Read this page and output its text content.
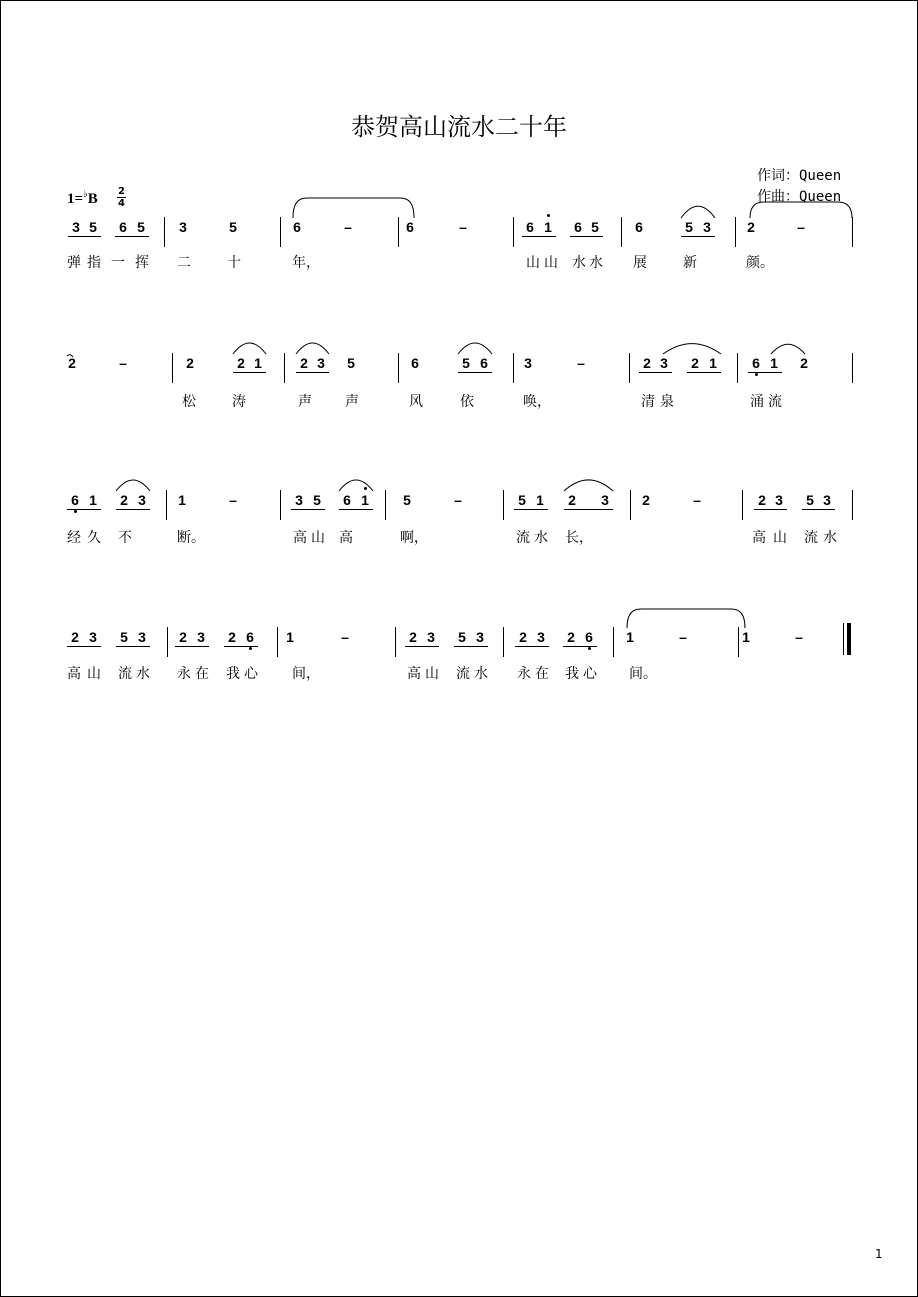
恭贺高山流水二十年
作词：Queen
作曲：Queen
1=♭B 2
4
3 5 6 5 3	5	6	–	6	–	6 1 6 5	6	5 3	2	–
弹 指 一 挥 二	十	年，	山 山 水 水 展	新	颜。
2	–	2	2 1	2 3 5	6	5 6	3	–	2 3 2 1	6 1 2
松	涛	声 声	风	依	唤，	清 泉	涌 流
6 1 2 3 1	–	3 5 6 1 5	–	5 1 2 3 2	–	2 3 5 3
经 久 不	断。	高 山 高	啊，	流 水 长，	高 山 流 水
2 3 5 3 2 3 2 6 1	–	2 3 5 3	2 3 2 6 1	–	1	–
高 山 流 水 永 在 我 心 间，	高 山 流 水 永 在 我 心 间。
1
